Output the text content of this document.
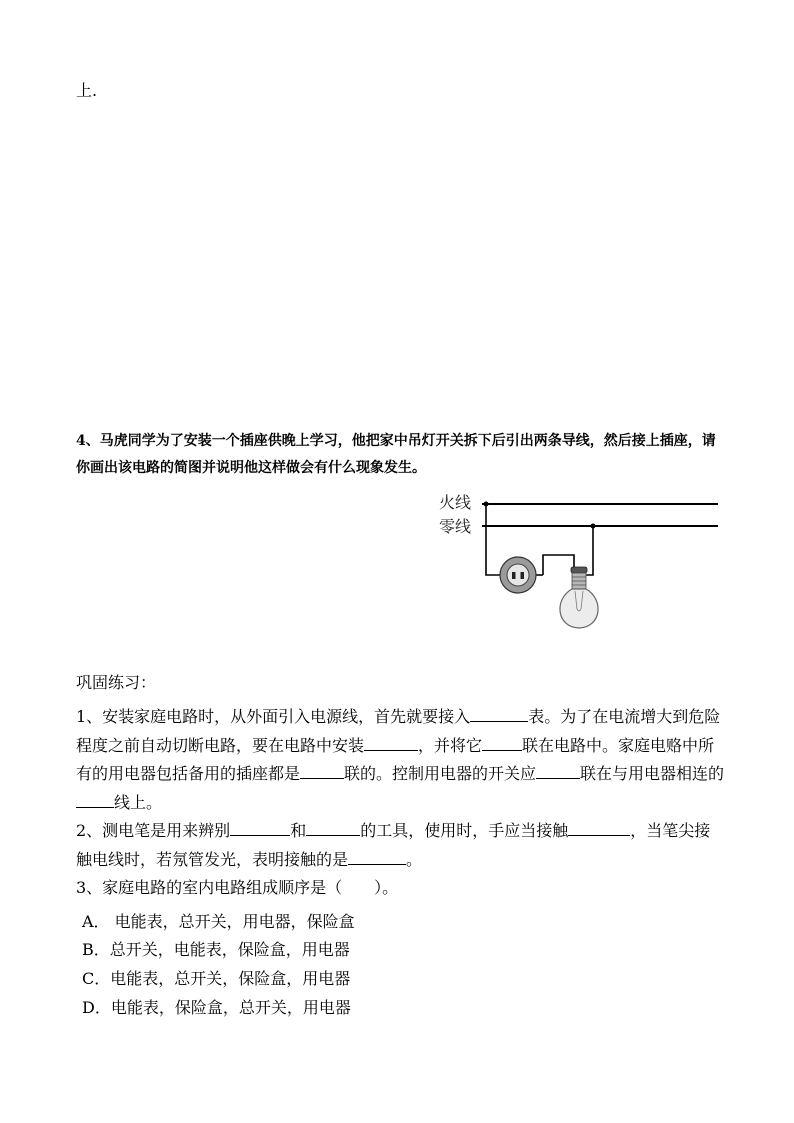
上.
4、马虎同学为了安装一个插座供晚上学习，他把家中吊灯开关拆下后引出两条导线，然后接上插座，请你画出该电路的简图并说明他这样做会有什么现象发生。
火线
零线
巩固练习：
1、安装家庭电路时，从外面引入电源线，首先就要接入	表。为了在电流增大到危险程度之前自动切断电路，要在电路中安装	，并将它	联在电路中。家庭电赂中所有的用电器包括备用的插座都是	联的。控制用电器的开关应	联在与用电器相连的线上。
2、测电笔是用来辨别	和	的工具，使用时，手应当接触	，当笔尖接触电线时，若氖管发光，表明接触的是	。
3、家庭电路的室内电路组成顺序是（　　）。
A． 电能表，总开关，用电器，保险盒
B．总开关，电能表，保险盒，用电器
C．电能表，总开关，保险盒，用电器
D．电能表，保险盒，总开关，用电器
